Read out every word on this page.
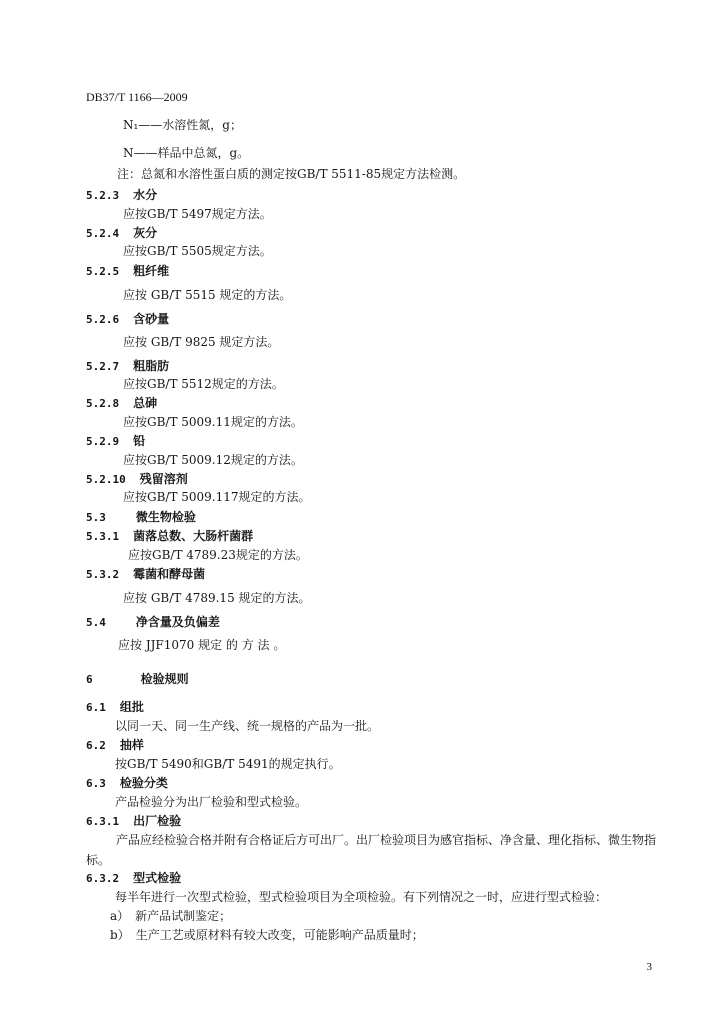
DB37/T 1166—2009
N₁——水溶性氮，g；
N——样品中总氮，g。
注：总氮和水溶性蛋白质的测定按GB/T 5511-85规定方法检测。
5.2.3 水分
应按GB/T 5497规定方法。
5.2.4 灰分
应按GB/T 5505规定方法。
5.2.5 粗纤维
应按 GB/T 5515 规定的方法。
5.2.6 含砂量
应按 GB/T 9825 规定方法。
5.2.7 粗脂肪
应按GB/T 5512规定的方法。
5.2.8 总砷
应按GB/T 5009.11规定的方法。
5.2.9 铅
应按GB/T 5009.12规定的方法。
5.2.10 残留溶剂
应按GB/T 5009.117规定的方法。
5.3	微生物检验
5.3.1 菌落总数、大肠杆菌群
应按GB/T 4789.23规定的方法。
5.3.2 霉菌和酵母菌
应按 GB/T 4789.15 规定的方法。
5.4	净含量及负偏差
应按 JJF1070 规定 的 方 法 。
6	检验规则
6.1 组批
以同一天、同一生产线、统一规格的产品为一批。
6.2 抽样
按GB/T 5490和GB/T 5491的规定执行。
6.3 检验分类
产品检验分为出厂检验和型式检验。
6.3.1 出厂检验
产品应经检验合格并附有合格证后方可出厂。出厂检验项目为感官指标、净含量、理化指标、微生物指标。
6.3.2 型式检验
每半年进行一次型式检验，型式检验项目为全项检验。有下列情况之一时，应进行型式检验：
a） 新产品试制鉴定；
b） 生产工艺或原材料有较大改变，可能影响产品质量时；
3
